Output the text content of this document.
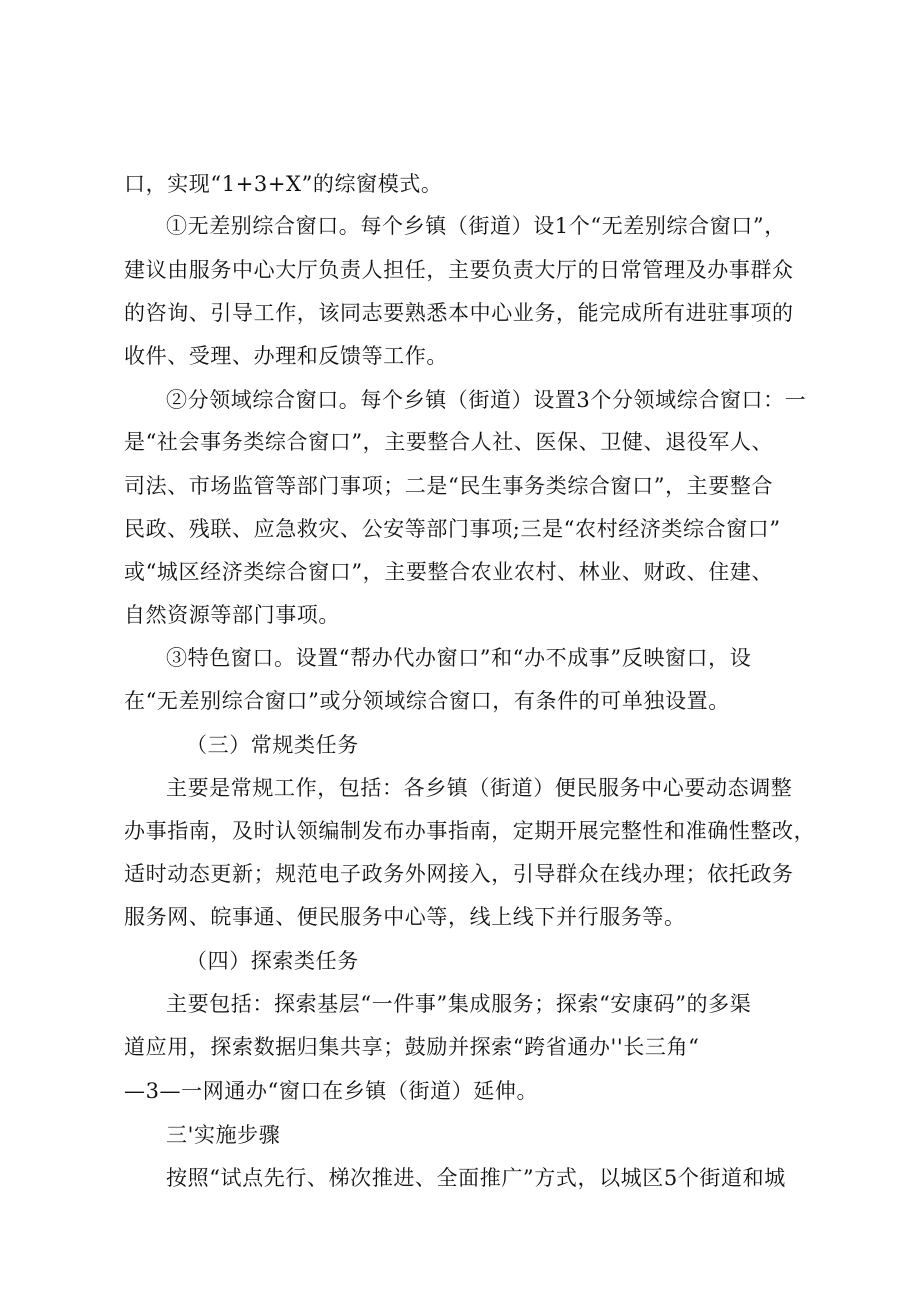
口，实现“1+3+X”的综窗模式。
①无差别综合窗口。每个乡镇（街道）设1个“无差别综合窗口”，
建议由服务中心大厅负责人担任，主要负责大厅的日常管理及办事群众
的咨询、引导工作，该同志要熟悉本中心业务，能完成所有进驻事项的
收件、受理、办理和反馈等工作。
②分领域综合窗口。每个乡镇（街道）设置3个分领域综合窗口：一
是“社会事务类综合窗口”，主要整合人社、医保、卫健、退役军人、
司法、市场监管等部门事项；二是“民生事务类综合窗口”，主要整合
民政、残联、应急救灾、公安等部门事项;三是“农村经济类综合窗口”
或“城区经济类综合窗口”，主要整合农业农村、林业、财政、住建、
自然资源等部门事项。
③特色窗口。设置“帮办代办窗口”和“办不成事”反映窗口，设
在“无差别综合窗口”或分领域综合窗口，有条件的可单独设置。
（三）常规类任务
主要是常规工作，包括：各乡镇（街道）便民服务中心要动态调整
办事指南，及时认领编制发布办事指南，定期开展完整性和准确性整改，
适时动态更新；规范电子政务外网接入，引导群众在线办理；依托政务
服务网、皖事通、便民服务中心等，线上线下并行服务等。
（四）探索类任务
主要包括：探索基层“一件事”集成服务；探索“安康码”的多渠
道应用，探索数据归集共享；鼓励并探索“跨省通办''长三角“
—3—一网通办“窗口在乡镇（街道）延伸。
三'实施步骤
按照“试点先行、梯次推进、全面推广”方式，以城区5个街道和城
